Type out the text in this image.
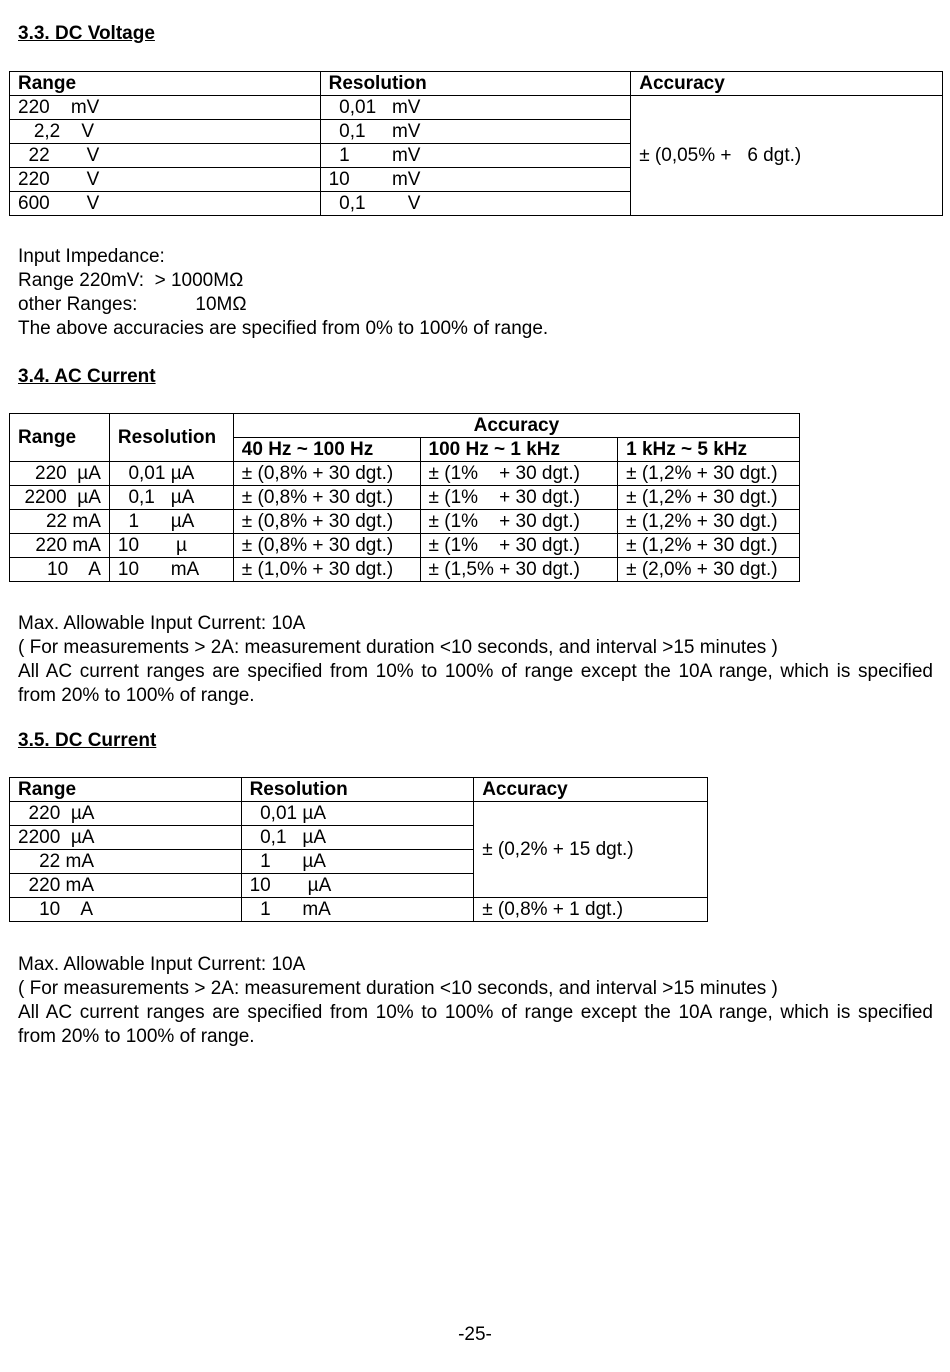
3.3. DC Voltage
Range	Resolution	Accuracy
220    mV	0,01   mV	± (0,05% +   6 dgt.)
2,2    V	0,1     mV	
22       V	1        mV	
220       V	10        mV	
600       V	0,1        V	
Input Impedance:
Range 220mV:  > 1000MΩ
other Ranges:           10MΩ
The above accuracies are specified from 0% to 100% of range.
3.4. AC Current
Range	Resolution	Accuracy		
		40 Hz ~ 100 Hz	100 Hz ~ 1 kHz	1 kHz ~ 5 kHz
220  µA	0,01 µA	± (0,8% + 30 dgt.)	± (1%    + 30 dgt.)	± (1,2% + 30 dgt.)
2200  µA	0,1   µA	± (0,8% + 30 dgt.)	± (1%    + 30 dgt.)	± (1,2% + 30 dgt.)
22 mA	1      µA	± (0,8% + 30 dgt.)	± (1%    + 30 dgt.)	± (1,2% + 30 dgt.)
220 mA	10       µ	± (0,8% + 30 dgt.)	± (1%    + 30 dgt.)	± (1,2% + 30 dgt.)
10    A	10      mA	± (1,0% + 30 dgt.)	± (1,5% + 30 dgt.)	± (2,0% + 30 dgt.)
Max. Allowable Input Current: 10A
( For measurements > 2A: measurement duration <10 seconds, and interval >15 minutes )
All AC current ranges are specified from 10% to 100% of range except the 10A range, which is specified from 20% to 100% of range.
3.5. DC Current
Range	Resolution	Accuracy
220  µA	0,01 µA	± (0,2% + 15 dgt.)
2200  µA	0,1   µA	
22 mA	1      µA	
220 mA	10       µA	
10    A	1      mA	± (0,8% + 1 dgt.)
Max. Allowable Input Current: 10A
( For measurements > 2A: measurement duration <10 seconds, and interval >15 minutes )
All AC current ranges are specified from 10% to 100% of range except the 10A range, which is specified from 20% to 100% of range.
-25-
